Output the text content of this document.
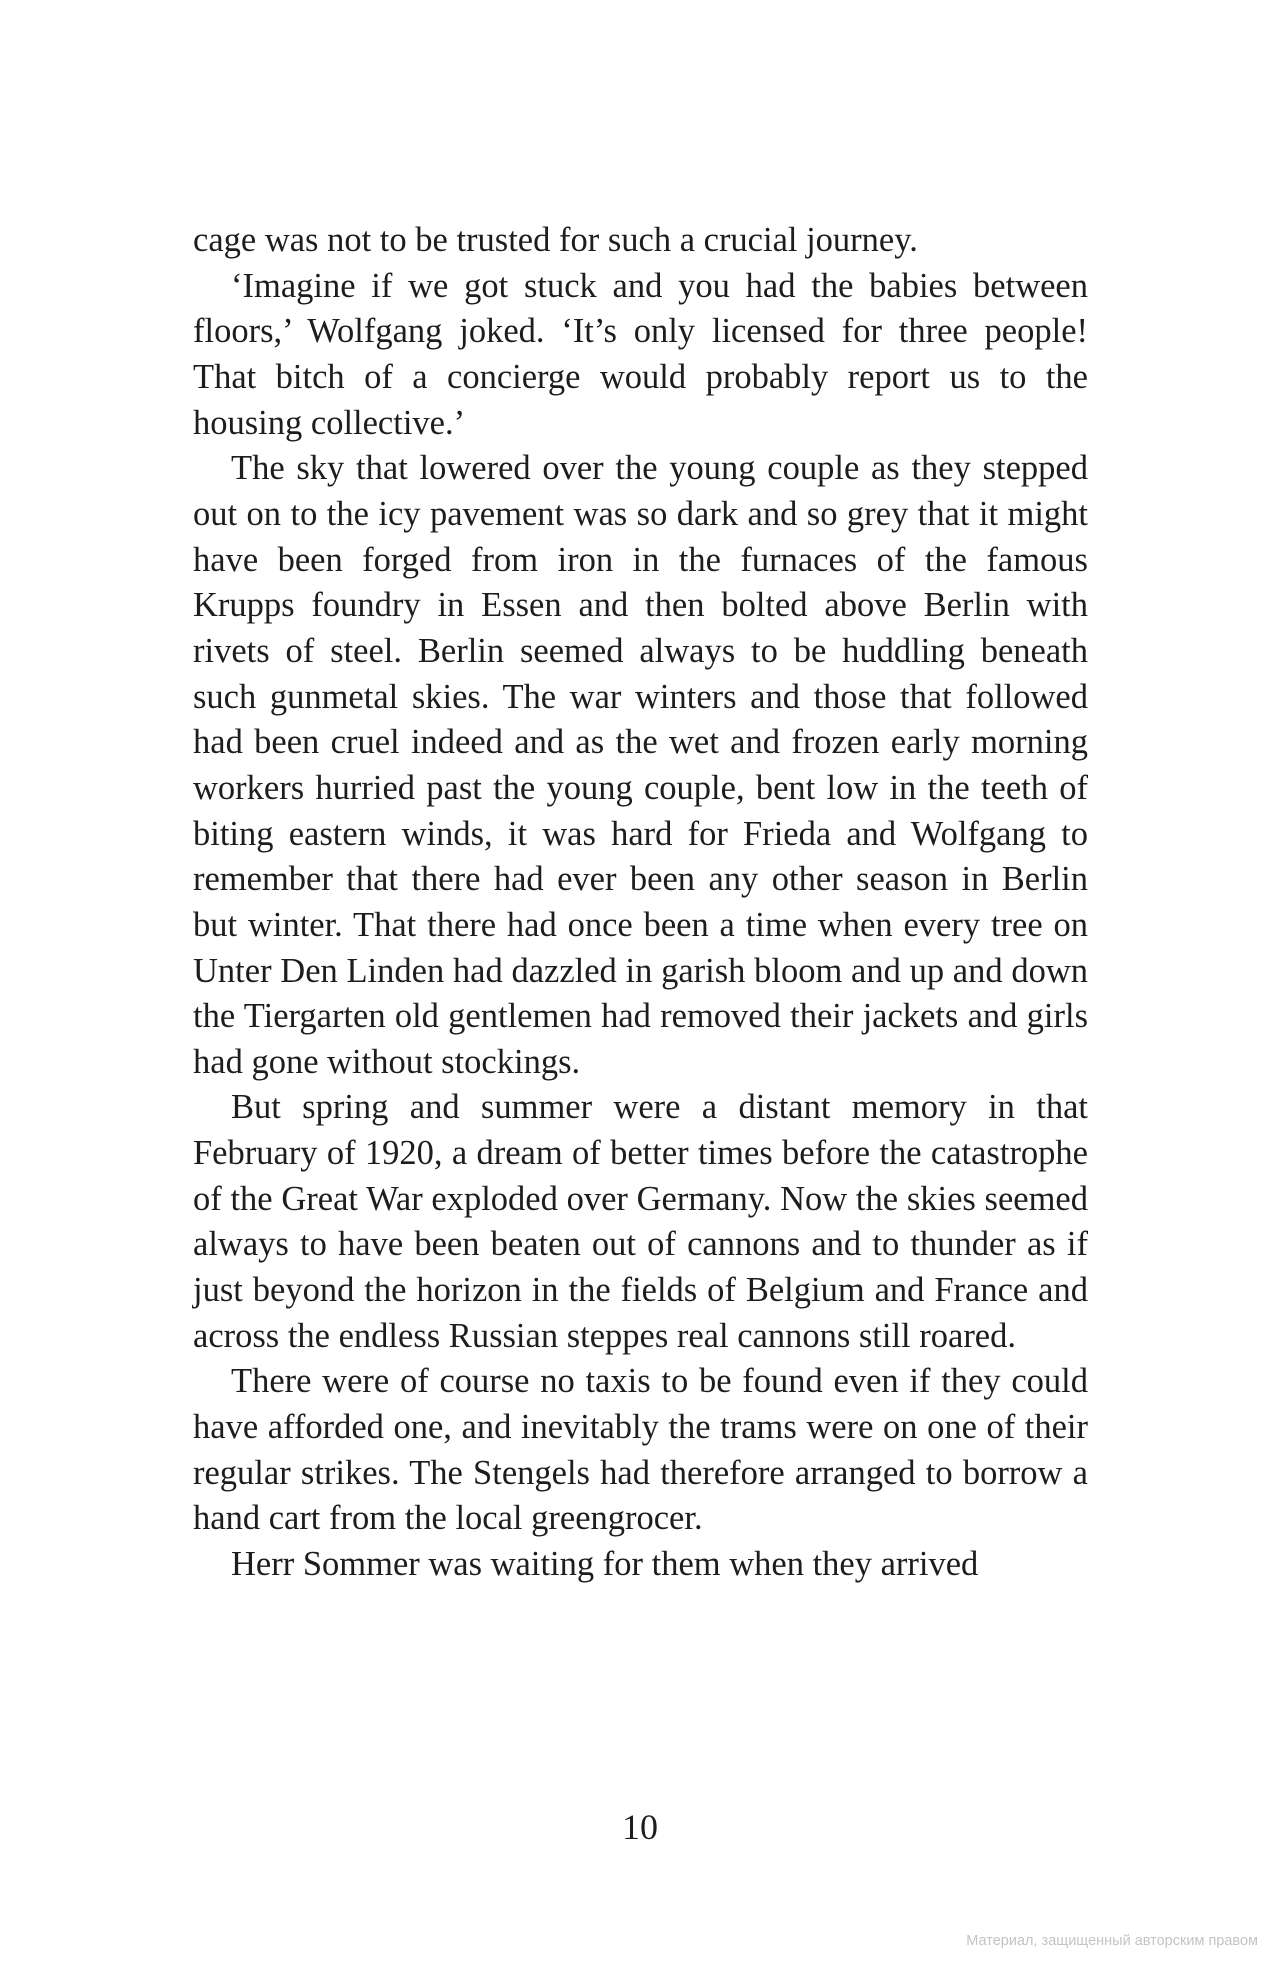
cage was not to be trusted for such a crucial journey.

‘Imagine if we got stuck and you had the babies between floors,’ Wolfgang joked. ‘It’s only licensed for three people! That bitch of a concierge would probably report us to the housing collective.’

The sky that lowered over the young couple as they stepped out on to the icy pavement was so dark and so grey that it might have been forged from iron in the furnaces of the famous Krupps foundry in Essen and then bolted above Berlin with rivets of steel. Berlin seemed always to be huddling beneath such gunmetal skies. The war winters and those that followed had been cruel indeed and as the wet and frozen early morning workers hurried past the young couple, bent low in the teeth of biting eastern winds, it was hard for Frieda and Wolfgang to remember that there had ever been any other season in Berlin but winter. That there had once been a time when every tree on Unter Den Linden had dazzled in garish bloom and up and down the Tiergarten old gentlemen had removed their jackets and girls had gone without stockings.

But spring and summer were a distant memory in that February of 1920, a dream of better times before the catastrophe of the Great War exploded over Germany. Now the skies seemed always to have been beaten out of cannons and to thunder as if just beyond the horizon in the fields of Belgium and France and across the endless Russian steppes real cannons still roared.

There were of course no taxis to be found even if they could have afforded one, and inevitably the trams were on one of their regular strikes. The Stengels had therefore arranged to borrow a hand cart from the local greengrocer.

Herr Sommer was waiting for them when they arrived

10
Материал, защищенный авторским правом
